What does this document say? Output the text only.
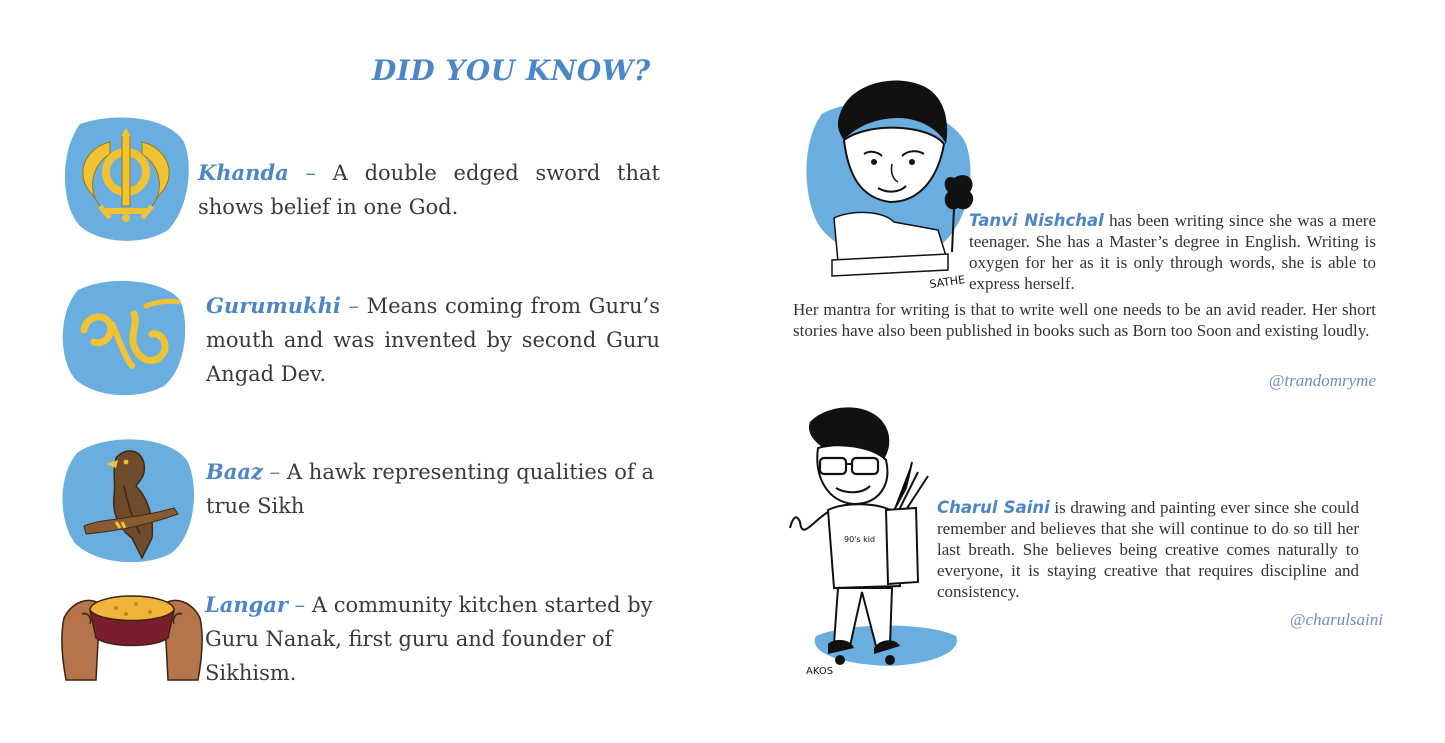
DID YOU KNOW?

Khanda – A double edged sword that shows belief in one God.

Gurumukhi – Means coming from Guru’s mouth and was invented by second Guru Angad Dev.

Baaz – A hawk representing qualities of a true Sikh

Langar – A community kitchen started by Guru Nanak, first guru and founder of Sikhism.

SATHE

Tanvi Nishchal has been writing since she was a mere teenager. She has a Master’s degree in English. Writing is oxygen for her as it is only through words, she is able to express herself.

Her mantra for writing is that to write well one needs to be an avid reader. Her short stories have also been published in books such as Born too Soon and existing loudly.

@trandomryme

90's kid
AKOS

Charul Saini is drawing and painting ever since she could remember and believes that she will continue to do so till her last breath. She believes being creative comes naturally to everyone, it is staying creative that requires discipline and consistency.

@charulsaini
